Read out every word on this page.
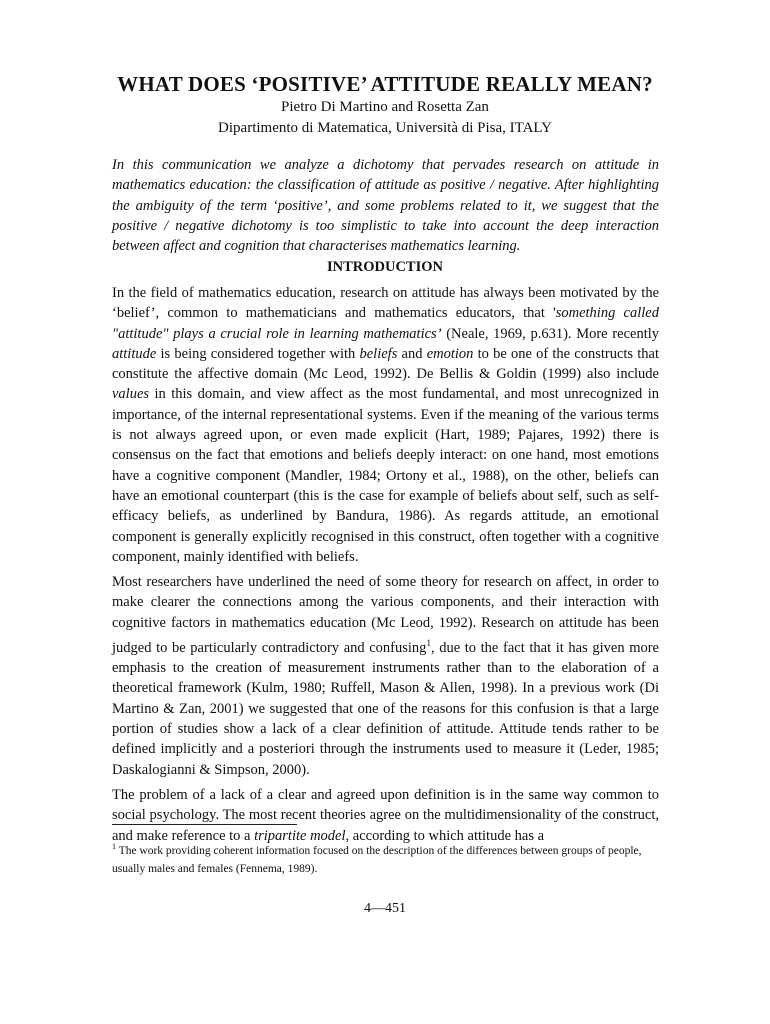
WHAT DOES ‘POSITIVE’ ATTITUDE REALLY MEAN?
Pietro Di Martino and Rosetta Zan
Dipartimento di Matematica, Università di Pisa, ITALY
In this communication we analyze a dichotomy that pervades research on attitude in mathematics education: the classification of attitude as positive / negative. After highlighting the ambiguity of the term ‘positive’, and some problems related to it, we suggest that the positive / negative dichotomy is too simplistic to take into account the deep interaction between affect and cognition that characterises mathematics learning.
INTRODUCTION

In the field of mathematics education, research on attitude has always been motivated by the ‘belief’, common to mathematicians and mathematics educators, that 'something called "attitude" plays a crucial role in learning mathematics’ (Neale, 1969, p.631). More recently attitude is being considered together with beliefs and emotion to be one of the constructs that constitute the affective domain (Mc Leod, 1992). De Bellis & Goldin (1999) also include values in this domain, and view affect as the most fundamental, and most unrecognized in importance, of the internal representational systems. Even if the meaning of the various terms is not always agreed upon, or even made explicit (Hart, 1989; Pajares, 1992) there is consensus on the fact that emotions and beliefs deeply interact: on one hand, most emotions have a cognitive component (Mandler, 1984; Ortony et al., 1988), on the other, beliefs can have an emotional counterpart (this is the case for example of beliefs about self, such as self-efficacy beliefs, as underlined by Bandura, 1986). As regards attitude, an emotional component is generally explicitly recognised in this construct, often together with a cognitive component, mainly identified with beliefs.

Most researchers have underlined the need of some theory for research on affect, in order to make clearer the connections among the various components, and their interaction with cognitive factors in mathematics education (Mc Leod, 1992). Research on attitude has been judged to be particularly contradictory and confusing$^1$, due to the fact that it has given more emphasis to the creation of measurement instruments rather than to the elaboration of a theoretical framework (Kulm, 1980; Ruffell, Mason & Allen, 1998). In a previous work (Di Martino & Zan, 2001) we suggested that one of the reasons for this confusion is that a large portion of studies show a lack of a clear definition of attitude. Attitude tends rather to be defined implicitly and a posteriori through the instruments used to measure it (Leder, 1985; Daskalogianni & Simpson, 2000).

The problem of a lack of a clear and agreed upon definition is in the same way common to social psychology. The most recent theories agree on the multidimensionality of the construct, and make reference to a tripartite model, according to which attitude has a

$^1$ The work providing coherent information focused on the description of the differences between groups of people, usually males and females (Fennema, 1989).
4—451
